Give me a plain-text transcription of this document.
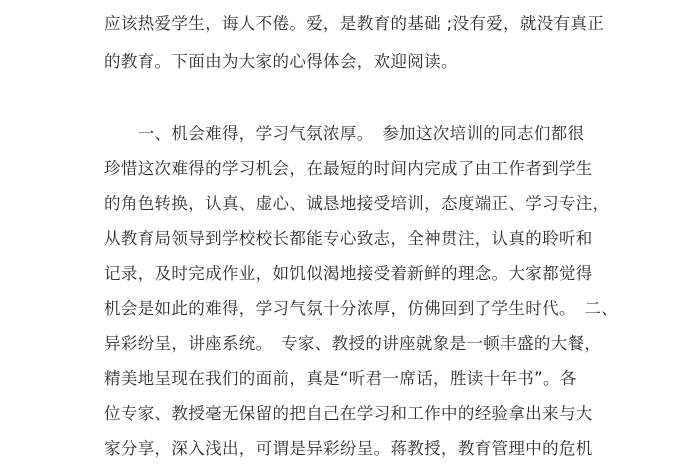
应该热爱学生，诲人不倦。爱，是教育的基础 ;没有爱，就没有真正

的教育。下面由为大家的心得体会，欢迎阅读。

　　一、机会难得，学习气氛浓厚。　参加这次培训的同志们都很

珍惜这次难得的学习机会，在最短的时间内完成了由工作者到学生

的角色转换，认真、虚心、诚恳地接受培训，态度端正、学习专注，

从教育局领导到学校校长都能专心致志，全神贯注，认真的聆听和

记录，及时完成作业，如饥似渴地接受着新鲜的理念。大家都觉得

机会是如此的难得，学习气氛十分浓厚，仿佛回到了学生时代。　二、

异彩纷呈，讲座系统。　专家、教授的讲座就象是一顿丰盛的大餐，

精美地呈现在我们的面前，真是“听君一席话，胜读十年书”。各

位专家、教授毫无保留的把自己在学习和工作中的经验拿出来与大

家分享，深入浅出，可谓是异彩纷呈。蒋教授，教育管理中的危机
